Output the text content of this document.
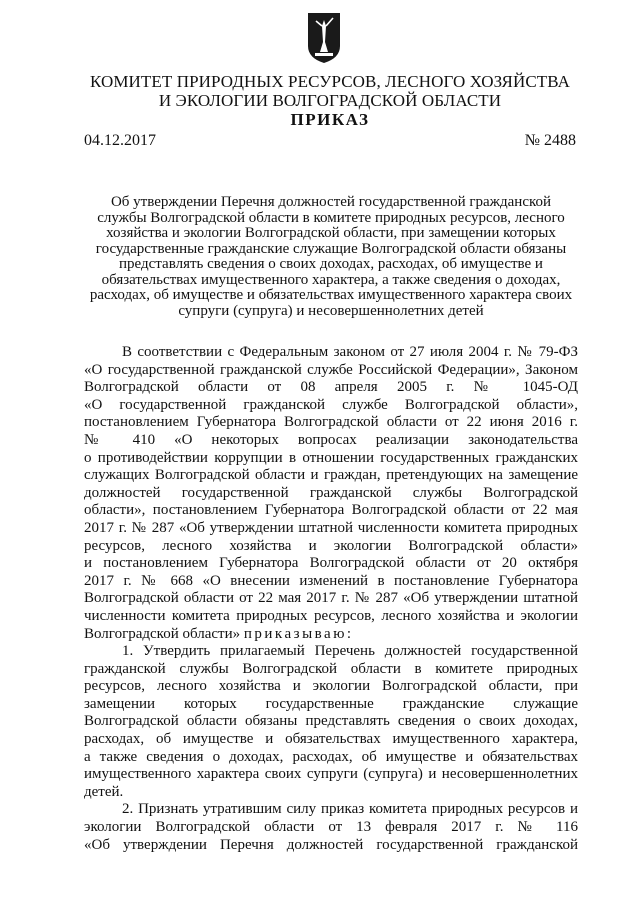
КОМИТЕТ ПРИРОДНЫХ РЕСУРСОВ, ЛЕСНОГО ХОЗЯЙСТВА
И ЭКОЛОГИИ ВОЛГОГРАДСКОЙ ОБЛАСТИ
ПРИКАЗ
04.12.2017	№ 2488
Об утверждении Перечня должностей государственной гражданской
службы Волгоградской области в комитете природных ресурсов, лесного
хозяйства и экологии Волгоградской области, при замещении которых
государственные гражданские служащие Волгоградской области обязаны
представлять сведения о своих доходах, расходах, об имуществе и
обязательствах имущественного характера, а также сведения о доходах,
расходах, об имуществе и обязательствах имущественного характера своих
супруги (супруга) и несовершеннолетних детей
В соответствии с Федеральным законом от 27 июля 2004 г. № 79-ФЗ
«О государственной гражданской службе Российской Федерации», Законом
Волгоградской области от 08 апреля 2005 г. № 1045-ОД
«О государственной гражданской службе Волгоградской области»,
постановлением Губернатора Волгоградской области от 22 июня 2016 г.
№ 410 «О некоторых вопросах реализации законодательства
о противодействии коррупции в отношении государственных гражданских
служащих Волгоградской области и граждан, претендующих на замещение
должностей государственной гражданской службы Волгоградской
области», постановлением Губернатора Волгоградской области от 22 мая
2017 г. № 287 «Об утверждении штатной численности комитета природных
ресурсов, лесного хозяйства и экологии Волгоградской области»
и постановлением Губернатора Волгоградской области от 20 октября
2017 г. № 668 «О внесении изменений в постановление Губернатора
Волгоградской области от 22 мая 2017 г. № 287 «Об утверждении штатной
численности комитета природных ресурсов, лесного хозяйства и экологии
Волгоградской области» приказываю:
1. Утвердить прилагаемый Перечень должностей государственной
гражданской службы Волгоградской области в комитете природных
ресурсов, лесного хозяйства и экологии Волгоградской области, при
замещении которых государственные гражданские служащие
Волгоградской области обязаны представлять сведения о своих доходах,
расходах, об имуществе и обязательствах имущественного характера,
а также сведения о доходах, расходах, об имуществе и обязательствах
имущественного характера своих супруги (супруга) и несовершеннолетних
детей.
2. Признать утратившим силу приказ комитета природных ресурсов и
экологии Волгоградской области от 13 февраля 2017 г. № 116
«Об утверждении Перечня должностей государственной гражданской
